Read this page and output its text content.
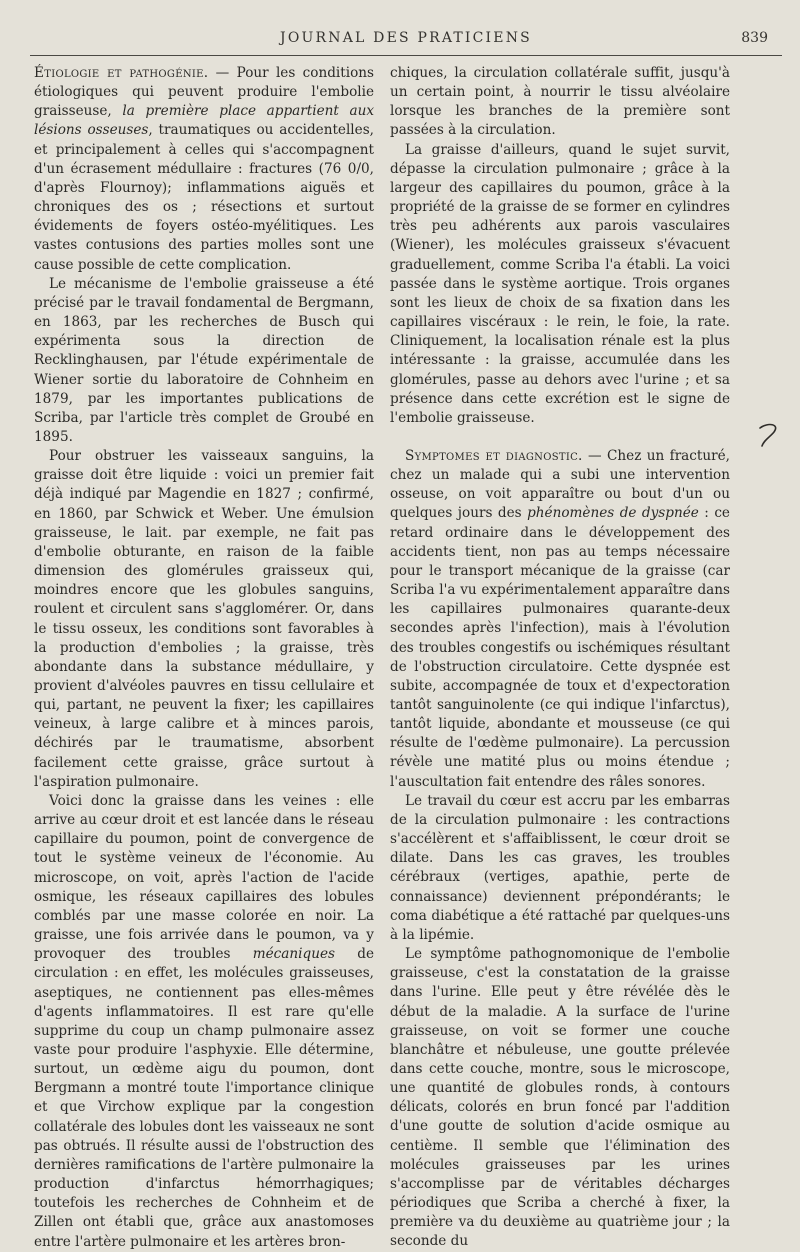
JOURNAL DES PRATICIENS	839

Étiologie et pathogénie. — Pour les conditions étiologiques qui peuvent produire l'embolie graisseuse, la première place appartient aux lésions osseuses, traumatiques ou accidentelles, et principalement à celles qui s'accompagnent d'un écrasement médullaire : fractures (76 0/0, d'après Flournoy); inflammations aiguës et chroniques des os ; résections et surtout évidements de foyers ostéo-myélitiques. Les vastes contusions des parties molles sont une cause possible de cette complication.

Le mécanisme de l'embolie graisseuse a été précisé par le travail fondamental de Bergmann, en 1863, par les recherches de Busch qui expérimenta sous la direction de Recklinghausen, par l'étude expérimentale de Wiener sortie du laboratoire de Cohnheim en 1879, par les importantes publications de Scriba, par l'article très complet de Groubé en 1895.

Pour obstruer les vaisseaux sanguins, la graisse doit être liquide : voici un premier fait déjà indiqué par Magendie en 1827 ; confirmé, en 1860, par Schwick et Weber. Une émulsion graisseuse, le lait. par exemple, ne fait pas d'embolie obturante, en raison de la faible dimension des glomérules graisseux qui, moindres encore que les globules sanguins, roulent et circulent sans s'agglomérer. Or, dans le tissu osseux, les conditions sont favorables à la production d'embolies ; la graisse, très abondante dans la substance médullaire, y provient d'alvéoles pauvres en tissu cellulaire et qui, partant, ne peuvent la fixer; les capillaires veineux, à large calibre et à minces parois, déchirés par le traumatisme, absorbent facilement cette graisse, grâce surtout à l'aspiration pulmonaire.

Voici donc la graisse dans les veines : elle arrive au cœur droit et est lancée dans le réseau capillaire du poumon, point de convergence de tout le système veineux de l'économie. Au microscope, on voit, après l'action de l'acide osmique, les réseaux capillaires des lobules comblés par une masse colorée en noir. La graisse, une fois arrivée dans le poumon, va y provoquer des troubles mécaniques de circulation : en effet, les molécules graisseuses, aseptiques, ne contiennent pas elles-mêmes d'agents inflammatoires. Il est rare qu'elle supprime du coup un champ pulmonaire assez vaste pour produire l'asphyxie. Elle détermine, surtout, un œdème aigu du poumon, dont Bergmann a montré toute l'importance clinique et que Virchow explique par la congestion collatérale des lobules dont les vaisseaux ne sont pas obtrués. Il résulte aussi de l'obstruction des dernières ramifications de l'artère pulmonaire la production d'infarctus hémorrhagiques; toutefois les recherches de Cohnheim et de Zillen ont établi que, grâce aux anastomoses entre l'artère pulmonaire et les artères bron-

chiques, la circulation collatérale suffit, jusqu'à un certain point, à nourrir le tissu alvéolaire lorsque les branches de la première sont passées à la circulation.

La graisse d'ailleurs, quand le sujet survit, dépasse la circulation pulmonaire ; grâce à la largeur des capillaires du poumon, grâce à la propriété de la graisse de se former en cylindres très peu adhérents aux parois vasculaires (Wiener), les molécules graisseux s'évacuent graduellement, comme Scriba l'a établi. La voici passée dans le système aortique. Trois organes sont les lieux de choix de sa fixation dans les capillaires viscéraux : le rein, le foie, la rate. Cliniquement, la localisation rénale est la plus intéressante : la graisse, accumulée dans les glomérules, passe au dehors avec l'urine ; et sa présence dans cette excrétion est le signe de l'embolie graisseuse.

Symptomes et diagnostic. — Chez un fracturé, chez un malade qui a subi une intervention osseuse, on voit apparaître ou bout d'un ou quelques jours des phénomènes de dyspnée : ce retard ordinaire dans le développement des accidents tient, non pas au temps nécessaire pour le transport mécanique de la graisse (car Scriba l'a vu expérimentalement apparaître dans les capillaires pulmonaires quarante-deux secondes après l'infection), mais à l'évolution des troubles congestifs ou ischémiques résultant de l'obstruction circulatoire. Cette dyspnée est subite, accompagnée de toux et d'expectoration tantôt sanguinolente (ce qui indique l'infarctus), tantôt liquide, abondante et mousseuse (ce qui résulte de l'œdème pulmonaire). La percussion révèle une matité plus ou moins étendue ; l'auscultation fait entendre des râles sonores.

Le travail du cœur est accru par les embarras de la circulation pulmonaire : les contractions s'accélèrent et s'affaiblissent, le cœur droit se dilate. Dans les cas graves, les troubles cérébraux (vertiges, apathie, perte de connaissance) deviennent prépondérants; le coma diabétique a été rattaché par quelques-uns à la lipémie.

Le symptôme pathognomonique de l'embolie graisseuse, c'est la constatation de la graisse dans l'urine. Elle peut y être révélée dès le début de la maladie. A la surface de l'urine graisseuse, on voit se former une couche blanchâtre et nébuleuse, une goutte prélevée dans cette couche, montre, sous le microscope, une quantité de globules ronds, à contours délicats, colorés en brun foncé par l'addition d'une goutte de solution d'acide osmique au centième. Il semble que l'élimination des molécules graisseuses par les urines s'accomplisse par de véritables décharges périodiques que Scriba a cherché à fixer, la première va du deuxième au quatrième jour ; la seconde du
